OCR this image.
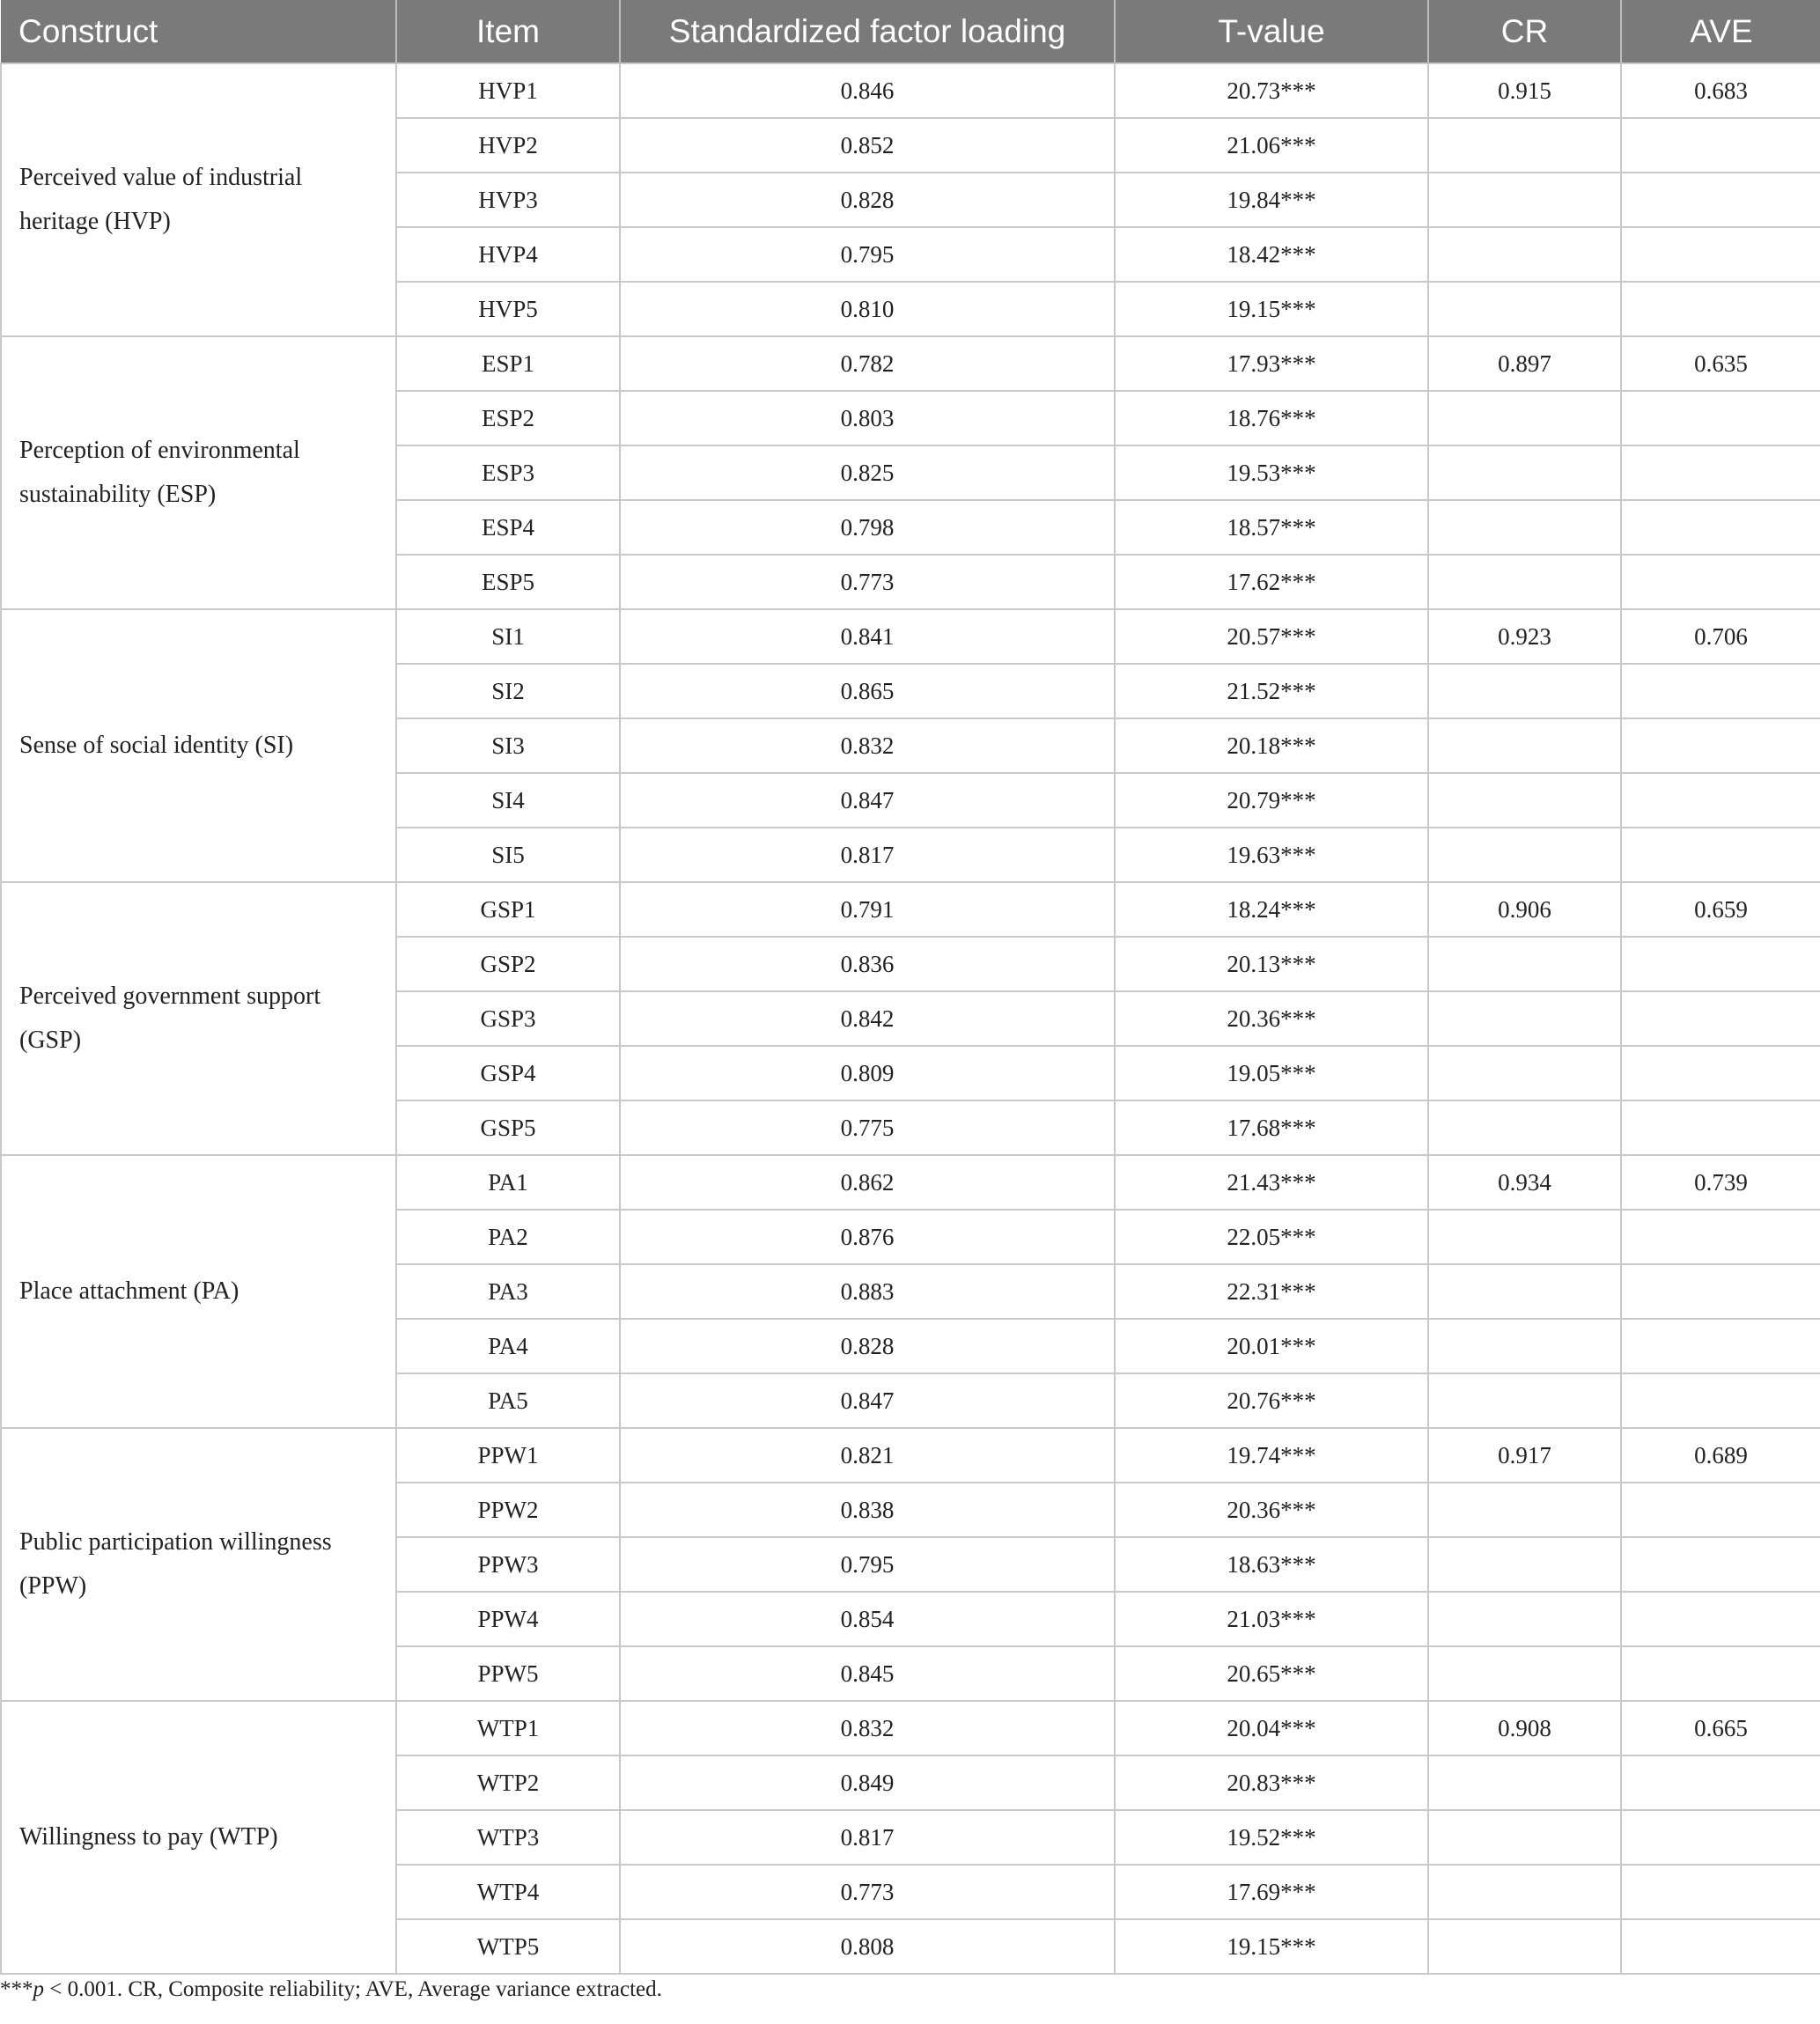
Construct	Item	Standardized factor loading	T-value	CR	AVE
Perceived value of industrial heritage (HVP)	HVP1	0.846	20.73***	0.915	0.683
	HVP2	0.852	21.06***		
	HVP3	0.828	19.84***		
	HVP4	0.795	18.42***		
	HVP5	0.810	19.15***		
Perception of environmental sustainability (ESP)	ESP1	0.782	17.93***	0.897	0.635
	ESP2	0.803	18.76***		
	ESP3	0.825	19.53***		
	ESP4	0.798	18.57***		
	ESP5	0.773	17.62***		
Sense of social identity (SI)	SI1	0.841	20.57***	0.923	0.706
	SI2	0.865	21.52***		
	SI3	0.832	20.18***		
	SI4	0.847	20.79***		
	SI5	0.817	19.63***		
Perceived government support (GSP)	GSP1	0.791	18.24***	0.906	0.659
	GSP2	0.836	20.13***		
	GSP3	0.842	20.36***		
	GSP4	0.809	19.05***		
	GSP5	0.775	17.68***		
Place attachment (PA)	PA1	0.862	21.43***	0.934	0.739
	PA2	0.876	22.05***		
	PA3	0.883	22.31***		
	PA4	0.828	20.01***		
	PA5	0.847	20.76***		
Public participation willingness (PPW)	PPW1	0.821	19.74***	0.917	0.689
	PPW2	0.838	20.36***		
	PPW3	0.795	18.63***		
	PPW4	0.854	21.03***		
	PPW5	0.845	20.65***		
Willingness to pay (WTP)	WTP1	0.832	20.04***	0.908	0.665
	WTP2	0.849	20.83***		
	WTP3	0.817	19.52***		
	WTP4	0.773	17.69***		
	WTP5	0.808	19.15***		
***p < 0.001. CR, Composite reliability; AVE, Average variance extracted.
